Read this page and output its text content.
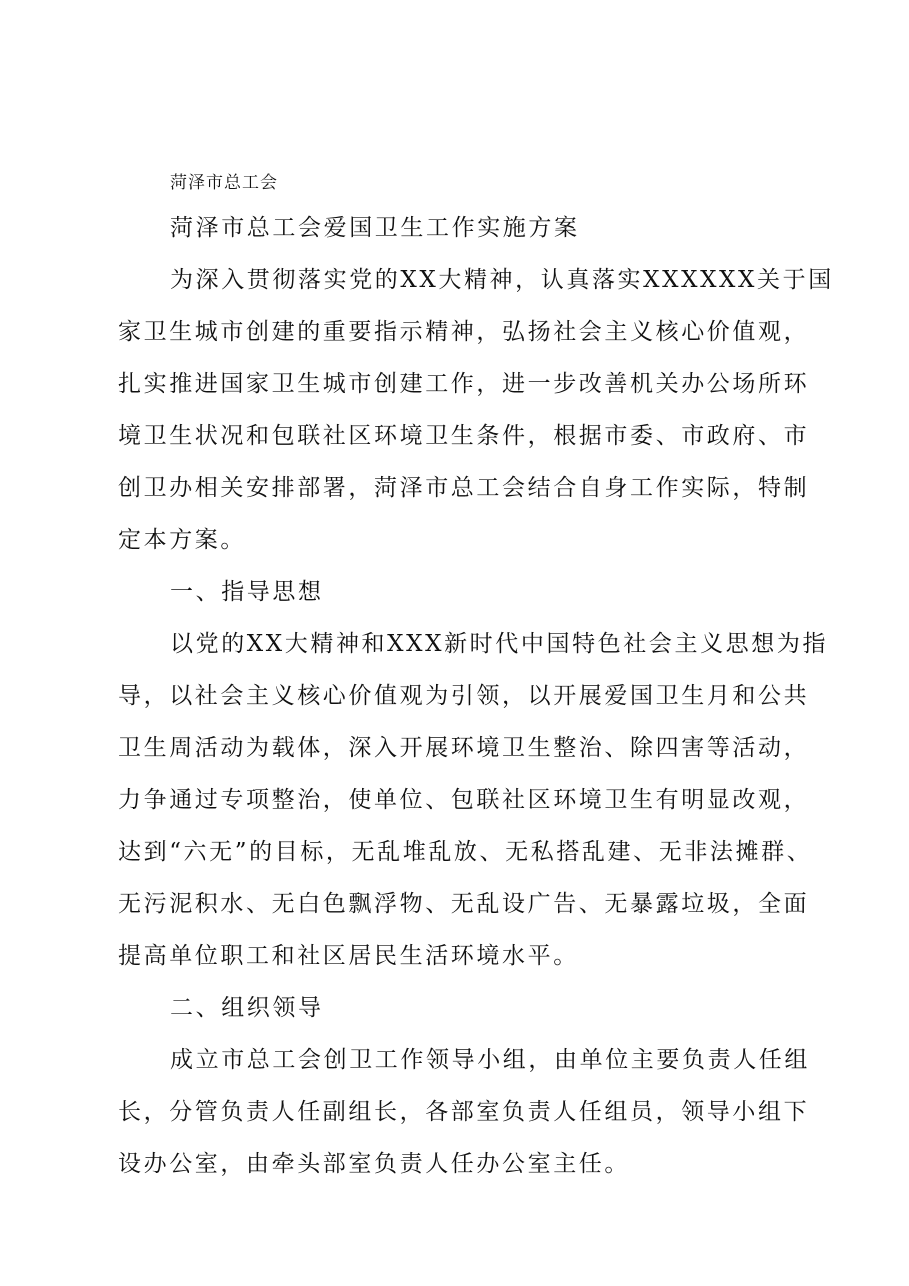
菏泽市总工会
菏泽市总工会爱国卫生工作实施方案
为深入贯彻落实党的XX大精神，认真落实XXXXXX关于国
家卫生城市创建的重要指示精神，弘扬社会主义核心价值观，
扎实推进国家卫生城市创建工作，进一步改善机关办公场所环
境卫生状况和包联社区环境卫生条件，根据市委、市政府、市
创卫办相关安排部署，菏泽市总工会结合自身工作实际，特制
定本方案。
一、指导思想
以党的XX大精神和XXX新时代中国特色社会主义思想为指
导，以社会主义核心价值观为引领，以开展爱国卫生月和公共
卫生周活动为载体，深入开展环境卫生整治、除四害等活动，
力争通过专项整治，使单位、包联社区环境卫生有明显改观，
达到“六无”的目标，无乱堆乱放、无私搭乱建、无非法摊群、
无污泥积水、无白色飘浮物、无乱设广告、无暴露垃圾，全面
提高单位职工和社区居民生活环境水平。
二、组织领导
成立市总工会创卫工作领导小组，由单位主要负责人任组
长，分管负责人任副组长，各部室负责人任组员，领导小组下
设办公室，由牵头部室负责人任办公室主任。
